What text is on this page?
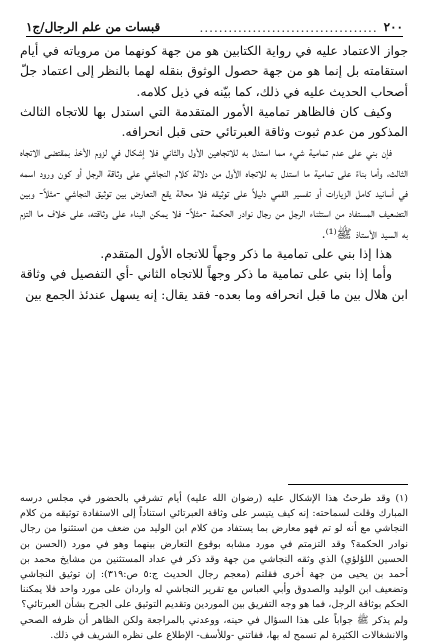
٢٠٠
.....................................
قبسات من علم الرجال/ج١

جواز الاعتماد عليه في رواية الكتابين هو من جهة كونهما من مروياته في أيام استقامته بل إنما هو من جهة حصول الوثوق بنقله لهما بالنظر إلى اعتماد جلّ أصحاب الحديث عليه في ذلك، كما بيّنه في ذيل كلامه.

وكيف كان فالظاهر تمامية الأمور المتقدمة التي استدل بها للاتجاه الثالث المذكور من عدم ثبوت وثاقة العبرتائي حتى قبل انحرافه.

فإن بني على عدم تمامية شيء مما استدل به للاتجاهين الأول والثاني فلا إشكال في لزوم الأخذ بمقتضى الاتجاه الثالث، وأما بناءً على تمامية ما استدل به للاتجاه الأول من دلالة كلام النجاشي على وثاقة الرجل أو كون ورود اسمه في أسانيد كامل الزيارات أو تفسير القمي دليلاً على توثيقه فلا محالة يقع التعارض بين توثيق النجاشي -مثلاً- وبين التضعيف المستفاد من استثناء الرجل من رجال نوادر الحكمة -مثلاً- فلا يمكن البناء على وثاقته، على خلاف ما التزم به السيد الأستاذ ﷺ⁽¹⁾.

هذا إذا بني على تمامية ما ذكر وجهاً للاتجاه الأول المتقدم.

وأما إذا بني على تمامية ما ذكر وجهاً للاتجاه الثاني -أي التفصيل في وثاقة ابن هلال بين ما قبل انحرافه وما بعده- فقد يقال: إنه يسهل عندئذ الجمع بين

(١) وقد طرحتُ هذا الإشكال عليه (رضوان الله عليه) أيام تشرفي بالحضور في مجلس درسه المبارك وقلت لسماحته: إنه كيف يتيسر على وثاقة العبرتائي استناداً إلى الاستفادة توثيقه من كلام النجاشي مع أنه لو تم فهو معارض بما يستفاد من كلام ابن الوليد من ضعف من استثنوا من رجال نوادر الحكمة؟ وقد التزمتم في مورد مشابه بوقوع التعارض بينهما وهو في مورد (الحسن بن الحسين اللؤلؤي) الذي وثقه النجاشي من جهة وقد ذكر في عداد المستثنين من مشايخ محمد بن أحمد بن يحيى من جهة أخرى فقلتم (معجم رجال الحديث ج:٥ ص:٣١٩): إن توثيق النجاشي وتضعيف ابن الوليد والصدوق وأبي العباس مع تقرير النجاشي له واردان على مورد واحد فلا يمكننا الحكم بوثاقة الرجل، فما هو وجه التفريق بين الموردين وتقديم التوثيق على الجرح بشأن العبرتائي؟

ولم يذكر ﷺ جواباً على هذا السؤال في حينه، ووعدني بالمراجعة ولكن الظاهر أن ظرفه الصحي والانشغالات الكثيرة لم تسمح له بها، ففاتني -وللأسف- الإطلاع على نظره الشريف في ذلك.
